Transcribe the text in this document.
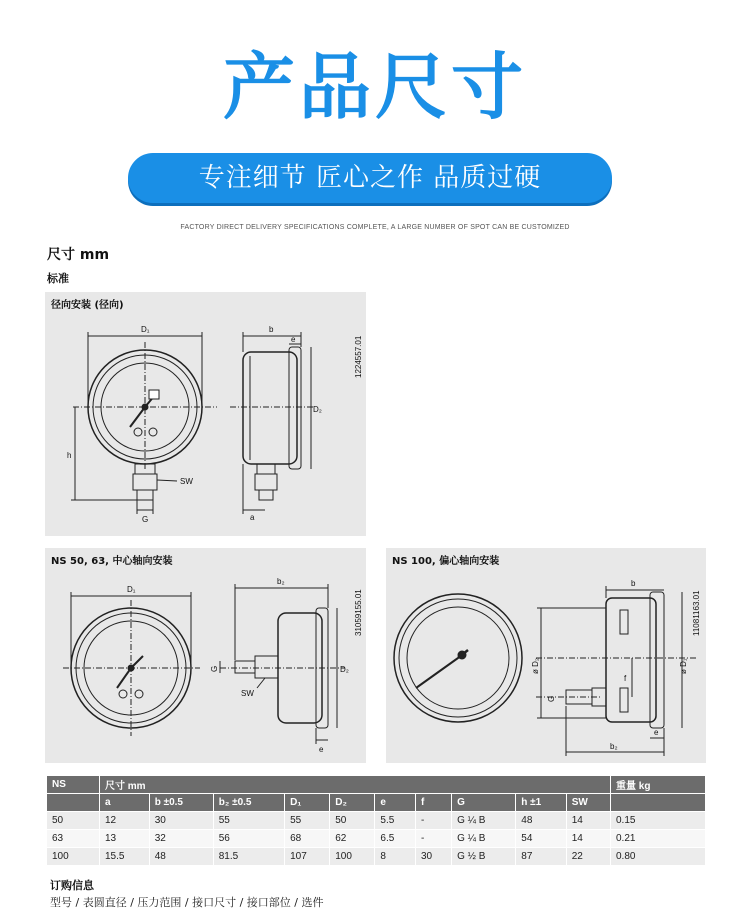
产品尺寸
专注细节 匠心之作 品质过硬
FACTORY DIRECT DELIVERY SPECIFICATIONS COMPLETE, A LARGE NUMBER OF SPOT CAN BE CUSTOMIZED
尺寸 mm
标准
径向安装 (径向)
D₁
h
SW
G
b
e
D₂
a
1224557.01
NS 50, 63, 中心轴向安装
D₁
b₂
G
SW
D₂
e
31059155.01
NS 100, 偏心轴向安装
b
ø D₂	ø D₁
G
f
e
b₂
11081163.01
NS	尺寸 mm										重量 kg
	a	b ±0.5	b₂ ±0.5	D₁	D₂	e	f	G	h ±1	SW	
50	12	30	55	55	50	5.5	-	G ¼ B	48	14	0.15
63	13	32	56	68	62	6.5	-	G ¼ B	54	14	0.21
100	15.5	48	81.5	107	100	8	30	G ½ B	87	22	0.80
订购信息
型号 / 表圆直径 / 压力范围 / 接口尺寸 / 接口部位 / 选件
